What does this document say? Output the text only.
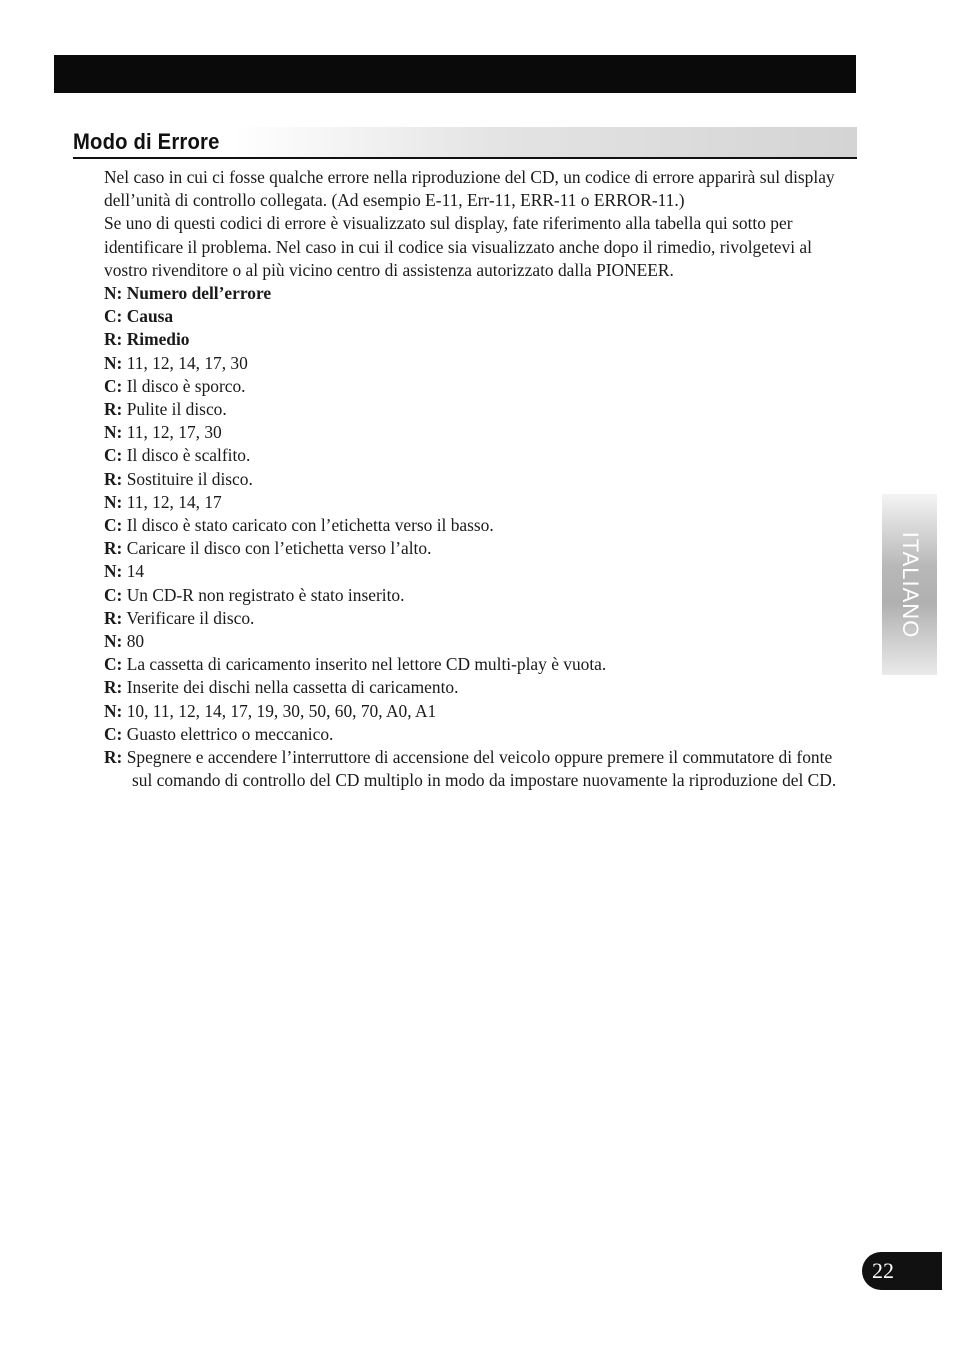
Modo di Errore

Nel caso in cui ci fosse qualche errore nella riproduzione del CD, un codice di errore apparirà sul display dell’unità di controllo collegata. (Ad esempio E-11, Err-11, ERR-11 o ERROR-11.)

Se uno di questi codici di errore è visualizzato sul display, fate riferimento alla tabella qui sotto per identificare il problema. Nel caso in cui il codice sia visualizzato anche dopo il rimedio, rivolgetevi al vostro rivenditore o al più vicino centro di assistenza autorizzato dalla PIONEER.

N: Numero dell’errore

C: Causa

R: Rimedio

N: 11, 12, 14, 17, 30
C: Il disco è sporco.
R: Pulite il disco.
N: 11, 12, 17, 30
C: Il disco è scalfito.
R: Sostituire il disco.
N: 11, 12, 14, 17
C: Il disco è stato caricato con l’etichetta verso il basso.
R: Caricare il disco con l’etichetta verso l’alto.
N: 14
C: Un CD-R non registrato è stato inserito.
R: Verificare il disco.
N: 80
C: La cassetta di caricamento inserito nel lettore CD multi-play è vuota.
R: Inserite dei dischi nella cassetta di caricamento.
N: 10, 11, 12, 14, 17, 19, 30, 50, 60, 70, A0, A1
C: Guasto elettrico o meccanico.
R: Spegnere e accendere l’interruttore di accensione del veicolo oppure premere il commutatore di fonte sul comando di controllo del CD multiplo in modo da impostare nuovamente la riproduzione del CD.
ITALIANO
22
